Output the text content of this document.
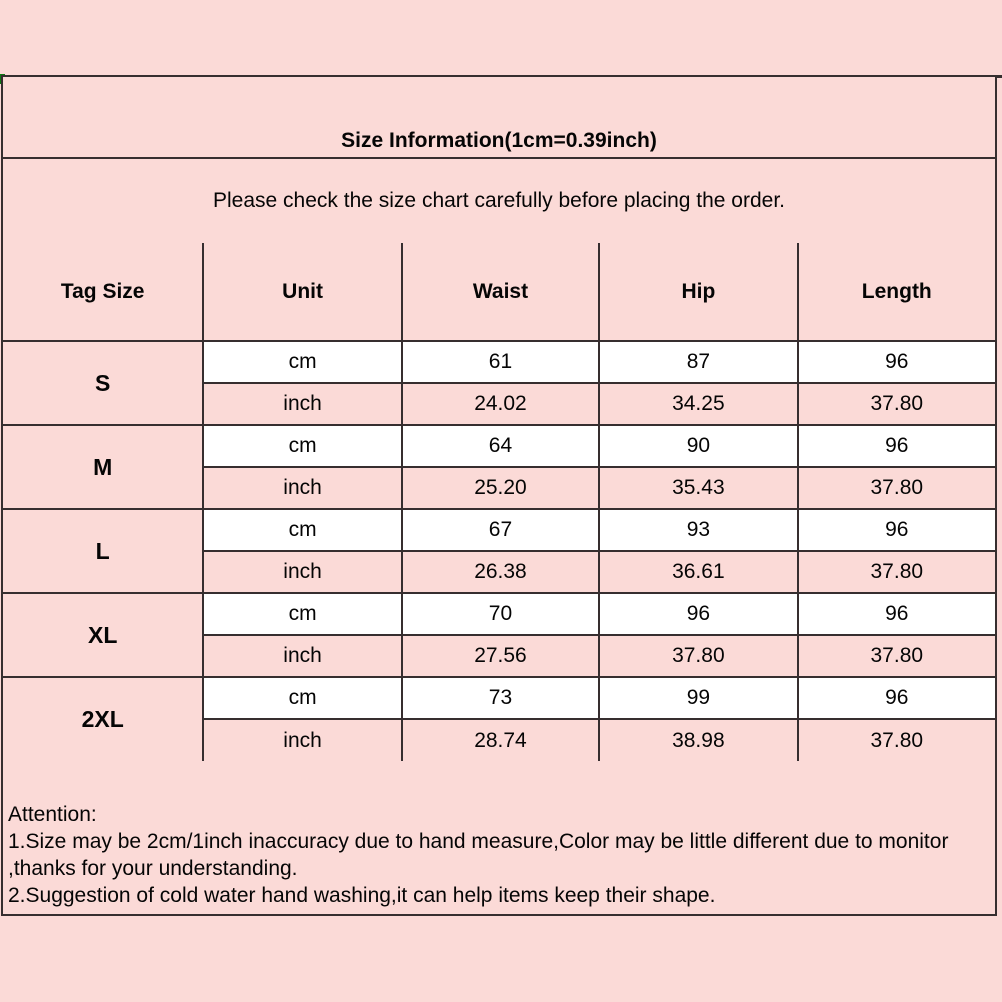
Size Information(1cm=0.39inch)
Please check the size chart carefully before placing the order.
Tag Size	Unit	Waist	Hip	Length
S	cm	61	87	96
	inch	24.02	34.25	37.80
M	cm	64	90	96
	inch	25.20	35.43	37.80
L	cm	67	93	96
	inch	26.38	36.61	37.80
XL	cm	70	96	96
	inch	27.56	37.80	37.80
2XL	cm	73	99	96
	inch	28.74	38.98	37.80
Attention:
1.Size may be 2cm/1inch inaccuracy due to hand measure,Color may be little different due to monitor
,thanks for your understanding.
2.Suggestion of cold water hand washing,it can help items keep their shape.
